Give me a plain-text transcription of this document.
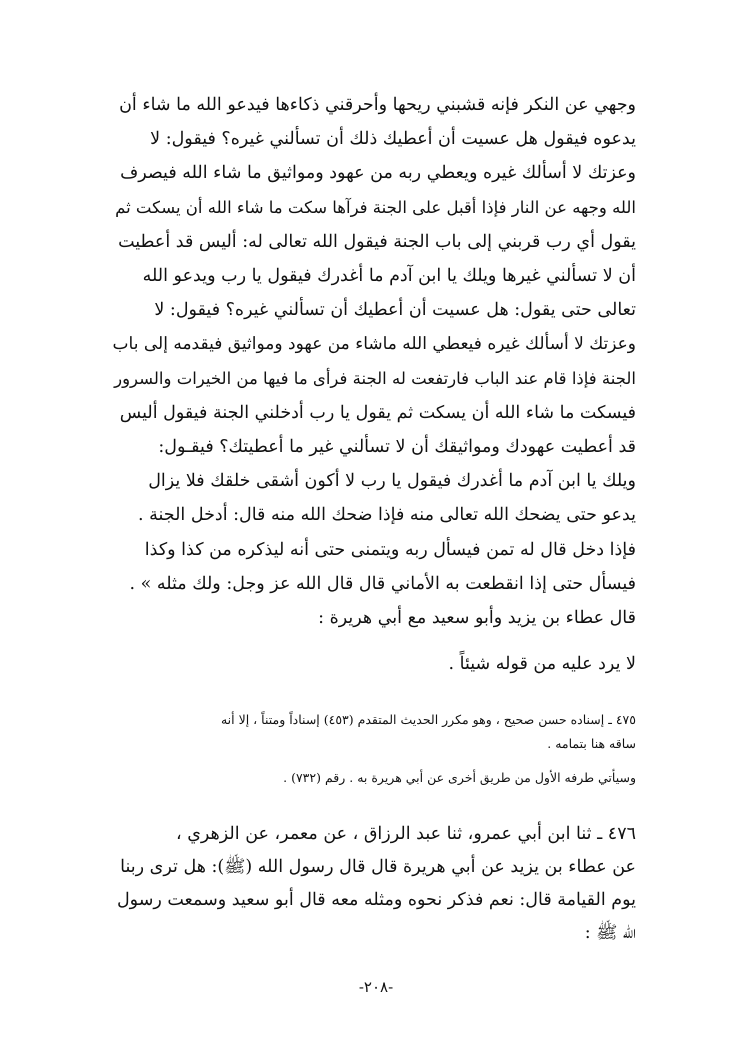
وجهي عن النكر فإنه قشبني ريحها وأحرقني ذكاءها فيدعو الله ما شاء أن

يدعوه فيقول هل عسيت أن أعطيك ذلك أن تسألني غيره؟ فيقول: لا

وعزتك لا أسألك غيره ويعطي ربه من عهود ومواثيق ما شاء الله فيصرف

الله وجهه عن النار فإذا أقبل على الجنة فرآها سكت ما شاء الله أن يسكت ثم

يقول أي رب قربني إلى باب الجنة فيقول الله تعالى له: أليس قد أعطيت

أن لا تسألني غيرها ويلك يا ابن آدم ما أغدرك فيقول يا رب ويدعو الله

تعالى حتى يقول: هل عسيت أن أعطيك أن تسألني غيره؟ فيقول: لا

وعزتك لا أسألك غيره فيعطي الله ماشاء من عهود ومواثيق فيقدمه إلى باب

الجنة فإذا قام عند الباب فارتفعت له الجنة فرأى ما فيها من الخيرات والسرور

فيسكت ما شاء الله أن يسكت ثم يقول يا رب أدخلني الجنة فيقول أليس

قد أعطيت عهودك ومواثيقك أن لا تسألني غير ما أعطيتك؟ فيقـول:

ويلك يا ابن آدم ما أغدرك فيقول يا رب لا أكون أشقى خلقك فلا يزال

يدعو حتى يضحك الله تعالى منه فإذا ضحك الله منه قال: أدخل الجنة .

فإذا دخل قال له تمن فيسأل ربه ويتمنى حتى أنه ليذكره من كذا وكذا

فيسأل حتى إذا انقطعت به الأماني قال قال الله عز وجل: ولك مثله » .

قال عطاء بن يزيد وأبو سعيد مع أبي هريرة :

لا يرد عليه من قوله شيئاً .

٤٧٥ ـ إسناده حسن صحيح ، وهو مكرر الحديث المتقدم (٤٥٣) إسناداً ومتناً ، إلا أنه

ساقه هنا بتمامه .

وسيأتي طرفه الأول من طريق أخرى عن أبي هريرة به . رقم (٧٣٢) .

٤٧٦ ـ ثنا ابن أبي عمرو، ثنا عبد الرزاق ، عن معمر، عن الزهري ،

عن عطاء بن يزيد عن أبي هريرة قال قال رسول الله (ﷺ): هل ترى ربنا

يوم القيامة قال: نعم فذكر نحوه ومثله معه قال أبو سعيد وسمعت رسول

الله ﷺ :

-٢٠٨-
